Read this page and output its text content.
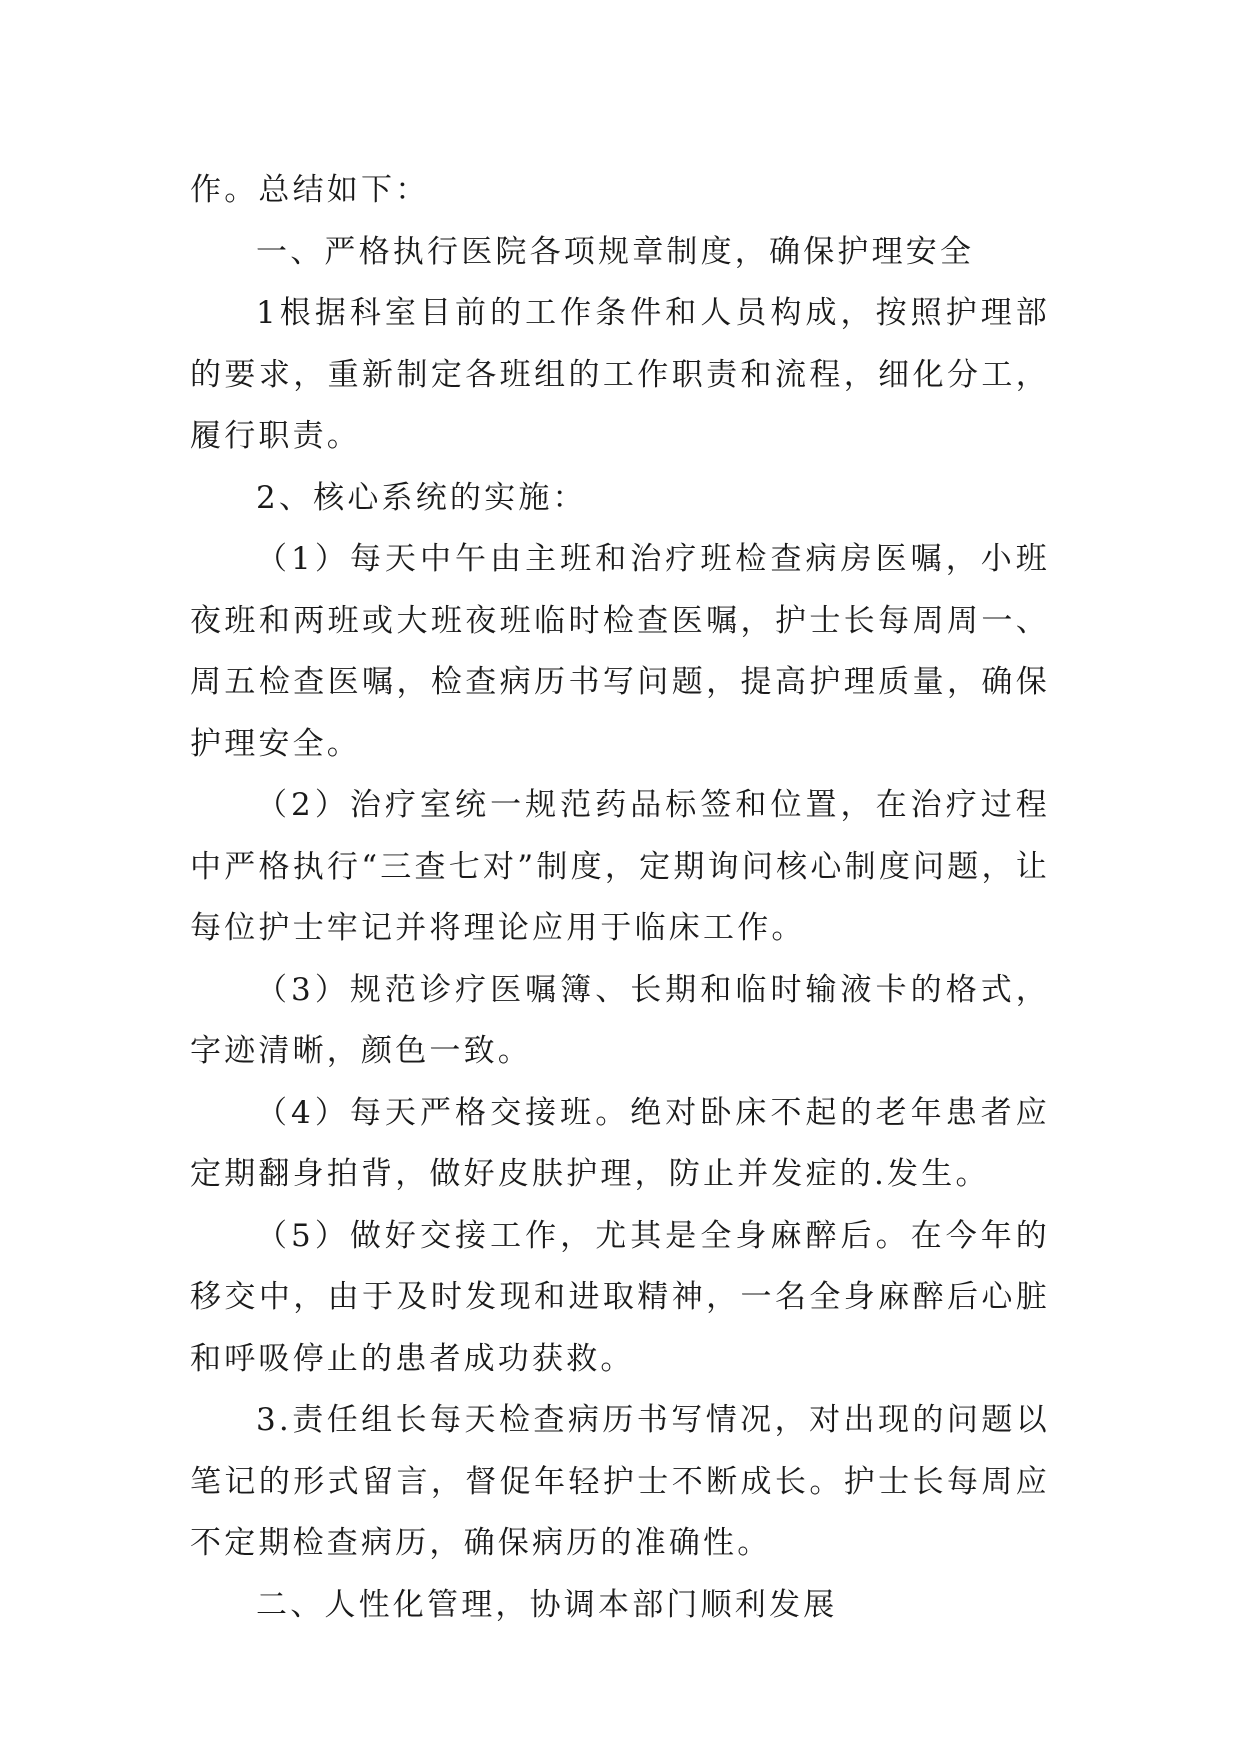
作。总结如下：

一、严格执行医院各项规章制度，确保护理安全

1根据科室目前的工作条件和人员构成，按照护理部的要求，重新制定各班组的工作职责和流程，细化分工，履行职责。

2、核心系统的实施：

（1）每天中午由主班和治疗班检查病房医嘱，小班夜班和两班或大班夜班临时检查医嘱，护士长每周周一、周五检查医嘱，检查病历书写问题，提高护理质量，确保护理安全。

（2）治疗室统一规范药品标签和位置，在治疗过程中严格执行“三查七对”制度，定期询问核心制度问题，让每位护士牢记并将理论应用于临床工作。

（3）规范诊疗医嘱簿、长期和临时输液卡的格式，字迹清晰，颜色一致。

（4）每天严格交接班。绝对卧床不起的老年患者应定期翻身拍背，做好皮肤护理，防止并发症的.发生。

（5）做好交接工作，尤其是全身麻醉后。在今年的移交中，由于及时发现和进取精神，一名全身麻醉后心脏和呼吸停止的患者成功获救。

3.责任组长每天检查病历书写情况，对出现的问题以笔记的形式留言，督促年轻护士不断成长。护士长每周应不定期检查病历，确保病历的准确性。

二、人性化管理，协调本部门顺利发展
